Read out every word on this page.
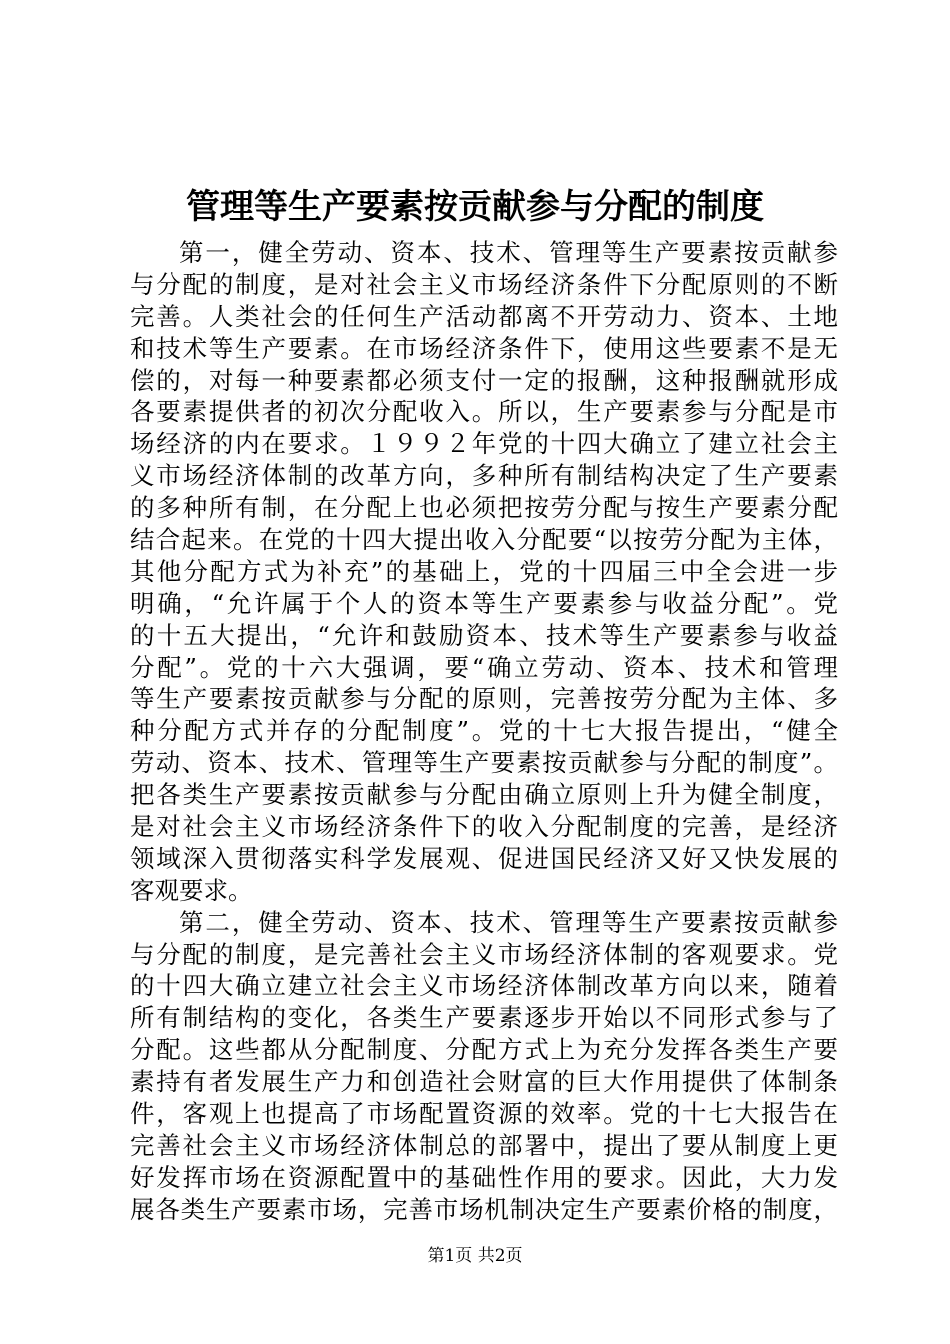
管理等生产要素按贡献参与分配的制度
第一，健全劳动、资本、技术、管理等生产要素按贡献参
与分配的制度，是对社会主义市场经济条件下分配原则的不断
完善。人类社会的任何生产活动都离不开劳动力、资本、土地
和技术等生产要素。在市场经济条件下，使用这些要素不是无
偿的，对每一种要素都必须支付一定的报酬，这种报酬就形成
各要素提供者的初次分配收入。所以，生产要素参与分配是市
场经济的内在要求。１９９２年党的十四大确立了建立社会主
义市场经济体制的改革方向，多种所有制结构决定了生产要素
的多种所有制，在分配上也必须把按劳分配与按生产要素分配
结合起来。在党的十四大提出收入分配要“以按劳分配为主体，
其他分配方式为补充”的基础上，党的十四届三中全会进一步
明确，“允许属于个人的资本等生产要素参与收益分配”。党
的十五大提出，“允许和鼓励资本、技术等生产要素参与收益
分配”。党的十六大强调，要“确立劳动、资本、技术和管理
等生产要素按贡献参与分配的原则，完善按劳分配为主体、多
种分配方式并存的分配制度”。党的十七大报告提出，“健全
劳动、资本、技术、管理等生产要素按贡献参与分配的制度”。
把各类生产要素按贡献参与分配由确立原则上升为健全制度，
是对社会主义市场经济条件下的收入分配制度的完善，是经济
领域深入贯彻落实科学发展观、促进国民经济又好又快发展的
客观要求。
第二，健全劳动、资本、技术、管理等生产要素按贡献参
与分配的制度，是完善社会主义市场经济体制的客观要求。党
的十四大确立建立社会主义市场经济体制改革方向以来，随着
所有制结构的变化，各类生产要素逐步开始以不同形式参与了
分配。这些都从分配制度、分配方式上为充分发挥各类生产要
素持有者发展生产力和创造社会财富的巨大作用提供了体制条
件，客观上也提高了市场配置资源的效率。党的十七大报告在
完善社会主义市场经济体制总的部署中，提出了要从制度上更
好发挥市场在资源配置中的基础性作用的要求。因此，大力发
展各类生产要素市场，完善市场机制决定生产要素价格的制度，
第1页 共2页
